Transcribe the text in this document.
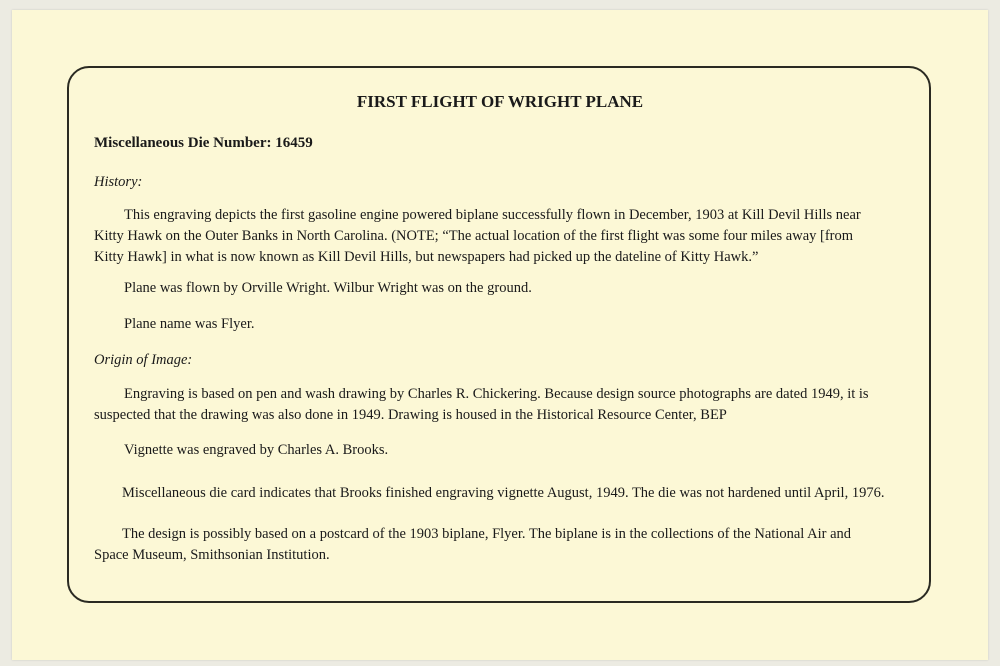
FIRST FLIGHT OF WRIGHT PLANE

Miscellaneous Die Number: 16459

History:

This engraving depicts the first gasoline engine powered biplane successfully flown in December, 1903 at Kill Devil Hills near

Kitty Hawk on the Outer Banks in North Carolina. (NOTE; “The actual location of the first flight was some four miles away [from

Kitty Hawk] in what is now known as Kill Devil Hills, but newspapers had picked up the dateline of Kitty Hawk.”

Plane was flown by Orville Wright. Wilbur Wright was on the ground.

Plane name was Flyer.

Origin of Image:

Engraving is based on pen and wash drawing by Charles R. Chickering. Because design source photographs are dated 1949, it is

suspected that the drawing was also done in 1949. Drawing is housed in the Historical Resource Center, BEP

Vignette was engraved by Charles A. Brooks.

Miscellaneous die card indicates that Brooks finished engraving vignette August, 1949. The die was not hardened until April, 1976.

The design is possibly based on a postcard of the 1903 biplane, Flyer. The biplane is in the collections of the National Air and

Space Museum, Smithsonian Institution.
